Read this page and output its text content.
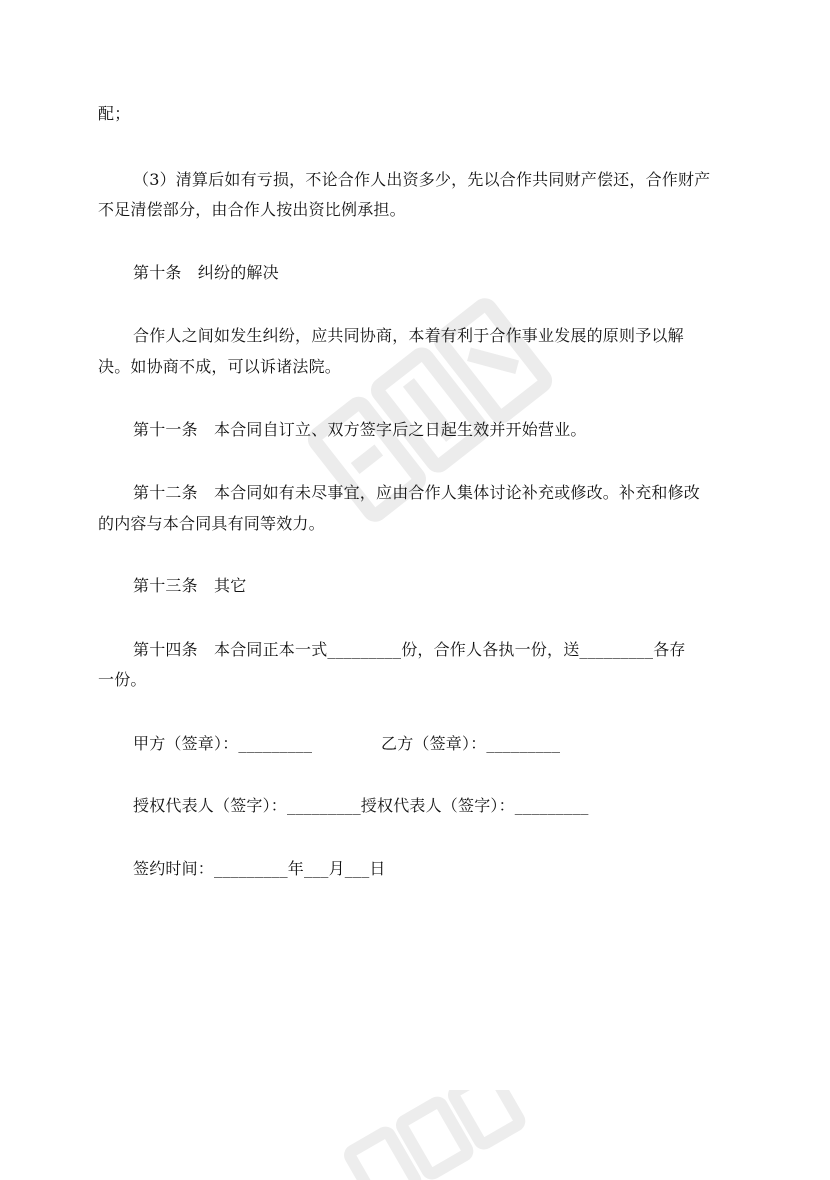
配；
（3）清算后如有亏损，不论合作人出资多少，先以合作共同财产偿还，合作财产
不足清偿部分，由合作人按出资比例承担。
第十条　纠纷的解决
合作人之间如发生纠纷，应共同协商，本着有利于合作事业发展的原则予以解
决。如协商不成，可以诉诸法院。
第十一条　本合同自订立、双方签字后之日起生效并开始营业。
第十二条　本合同如有未尽事宜，应由合作人集体讨论补充或修改。补充和修改
的内容与本合同具有同等效力。
第十三条　其它
第十四条　本合同正本一式_________份，合作人各执一份，送_________各存
一份。
甲方（签章）：_________	乙方（签章）：_________
授权代表人（签字）：_________授权代表人（签字）：_________
签约时间：_________年___月___日
